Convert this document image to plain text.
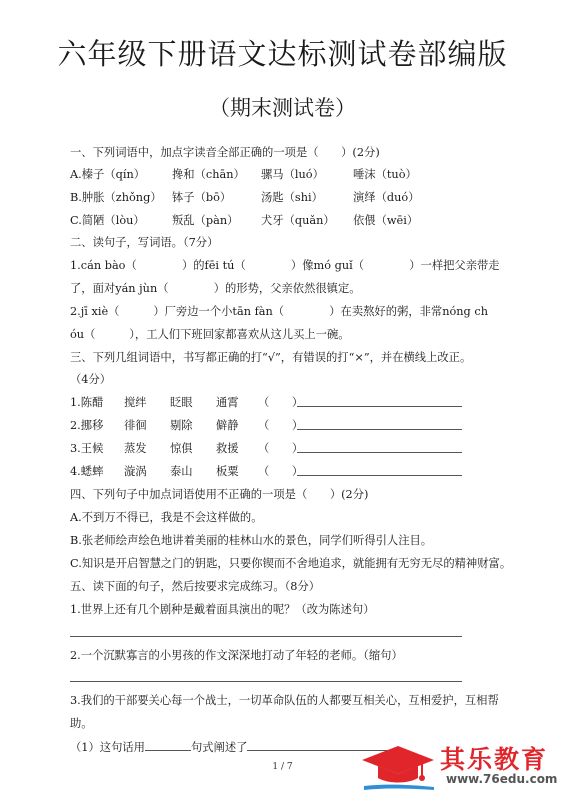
六年级下册语文达标测试卷部编版
（期末测试卷）
一、下列词语中，加点字读音全部正确的一项是（　　）(2分)
A.榛子（qín） 搀和（chān） 骡马（luó）	唾沫（tuò）
B.肿胀（zhǒng） 钵子（bō）	汤匙（shi）	演绎（duó）
C.简陋（lòu） 叛乱（pàn） 犬牙（quǎn） 依偎（wēi）
二、读句子，写词语。（7分）
1.cán bào（　　　　）的fēi tú（　　　　）像mó guǐ（　　　　）一样把父亲带走
了，面对yán jùn（　　　　）的形势，父亲依然很镇定。
2.jī xiè（　　　）厂旁边一个小tān fàn（　　　　）在卖熬好的粥，非常nóng ch
óu（　　　），工人们下班回家都喜欢从这儿买上一碗。
三、下列几组词语中，书写都正确的打“√”，有错误的打“×”，并在横线上改正。
（4分）
1.陈醋 搅绊 眨眼 通霄 （　　）
2.挪移 徘徊 剔除 僻静 （　　）
3.王候 蒸发 惊俱 救援 （　　）
4.蟋蟀 漩涡 泰山 板粟 （　　）
四、下列句子中加点词语使用不正确的一项是（　　）(2分)
A.不到万不得已，我是不会这样做的。
B.张老师绘声绘色地讲着美丽的桂林山水的景色，同学们听得引人注目。
C.知识是开启智慧之门的钥匙，只要你锲而不舍地追求，就能拥有无穷无尽的精神财富。
五、读下面的句子，然后按要求完成练习。（8分）
1.世界上还有几个剧种是戴着面具演出的呢？（改为陈述句）
2.一个沉默寡言的小男孩的作文深深地打动了年轻的老师。（缩句）
3.我们的干部要关心每一个战士，一切革命队伍的人都要互相关心，互相爱护，互相帮
助。
（1）这句话用	句式阐述了
1 / 7	其乐教育
www.76edu.com
